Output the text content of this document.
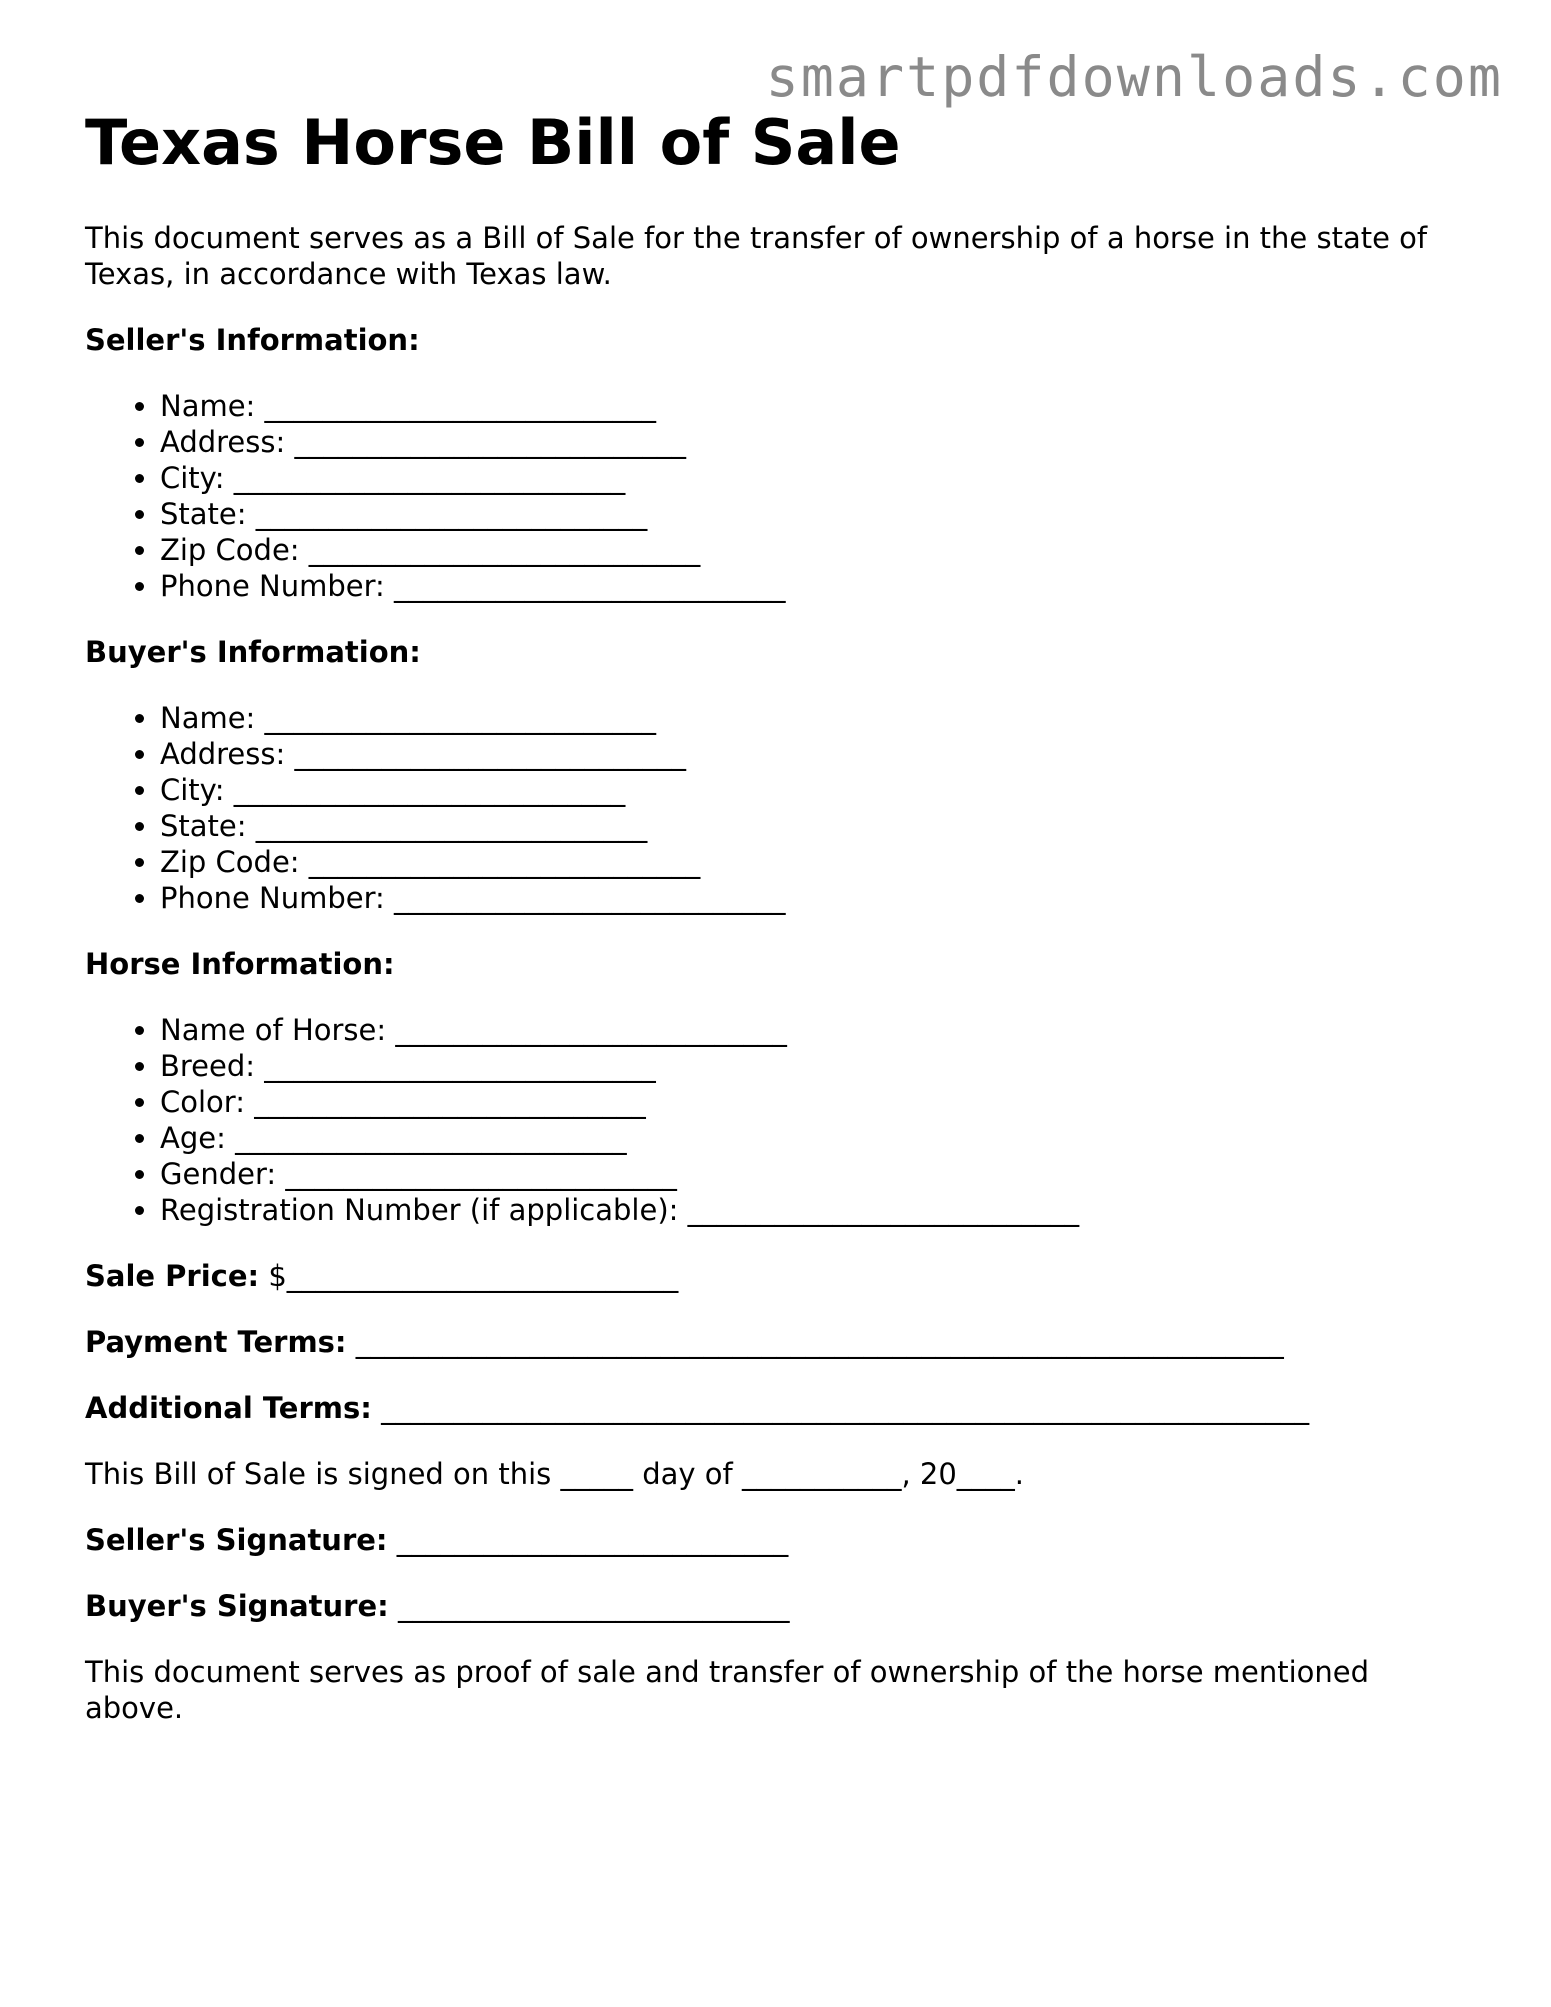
smartpdfdownloads.com
Texas Horse Bill of Sale

This document serves as a Bill of Sale for the transfer of ownership of a horse in the state of Texas, in accordance with Texas law.

Seller's Information:

• Name: ___________________________
• Address: ___________________________
• City: ___________________________
• State: ___________________________
• Zip Code: ___________________________
• Phone Number: ___________________________

Buyer's Information:

• Name: ___________________________
• Address: ___________________________
• City: ___________________________
• State: ___________________________
• Zip Code: ___________________________
• Phone Number: ___________________________

Horse Information:

• Name of Horse: ___________________________
• Breed: ___________________________
• Color: ___________________________
• Age: ___________________________
• Gender: ___________________________
• Registration Number (if applicable): ___________________________

Sale Price: $___________________________

Payment Terms: ________________________________________________________________

Additional Terms: ________________________________________________________________

This Bill of Sale is signed on this _____ day of ___________, 20____.

Seller's Signature: ___________________________

Buyer's Signature: ___________________________

This document serves as proof of sale and transfer of ownership of the horse mentioned above.
